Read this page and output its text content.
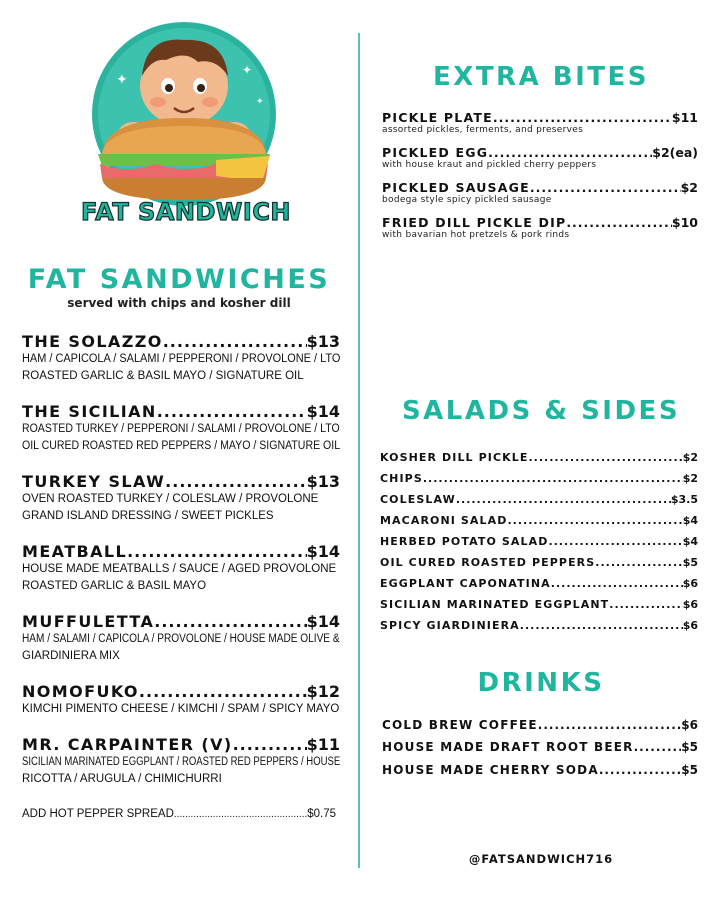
✦
✦
✦
FAT SANDWICH
FAT SANDWICHES
served with chips and kosher dill
THE SOLAZZO .....	$13
HAM / CAPICOLA / SALAMI / PEPPERONI / PROVOLONE / LTO
ROASTED GARLIC & BASIL MAYO / SIGNATURE OIL
THE SICILIAN .....	$14
ROASTED TURKEY / PEPPERONI / SALAMI / PROVOLONE / LTO
OIL CURED ROASTED RED PEPPERS / MAYO / SIGNATURE OIL
TURKEY SLAW .....	$13
OVEN ROASTED TURKEY / COLESLAW / PROVOLONE
GRAND ISLAND DRESSING / SWEET PICKLES
MEATBALL .....	$14
HOUSE MADE MEATBALLS / SAUCE / AGED PROVOLONE
ROASTED GARLIC & BASIL MAYO
MUFFULETTA .....	$14
HAM / SALAMI / CAPICOLA / PROVOLONE / HOUSE MADE OLIVE &
GIARDINIERA MIX
NOMOFUKO .....	$12
KIMCHI PIMENTO CHEESE / KIMCHI / SPAM / SPICY MAYO
MR. CARPAINTER (V) .....	$11
SICILIAN MARINATED EGGPLANT / ROASTED RED PEPPERS / HOUSE
RICOTTA / ARUGULA / CHIMICHURRI
ADD HOT PEPPER SPREAD .....	$0.75
EXTRA BITES
PICKLE PLATE .....	$11
assorted pickles, ferments, and preserves
PICKLED EGG .....	$2(ea)
with house kraut and pickled cherry peppers
PICKLED SAUSAGE .....	$2
bodega style spicy pickled sausage
FRIED DILL PICKLE DIP .....	$10
with bavarian hot pretzels & pork rinds
SALADS & SIDES
KOSHER DILL PICKLE .....	$2
CHIPS .....	$2
COLESLAW .....	$3.5
MACARONI SALAD .....	$4
HERBED POTATO SALAD .....	$4
OIL CURED ROASTED PEPPERS .....	$5
EGGPLANT CAPONATINA .....	$6
SICILIAN MARINATED EGGPLANT .....	$6
SPICY GIARDINIERA .....	$6
DRINKS
COLD BREW COFFEE .....	$6
HOUSE MADE DRAFT ROOT BEER .....	$5
HOUSE MADE CHERRY SODA .....	$5
@FATSANDWICH716
